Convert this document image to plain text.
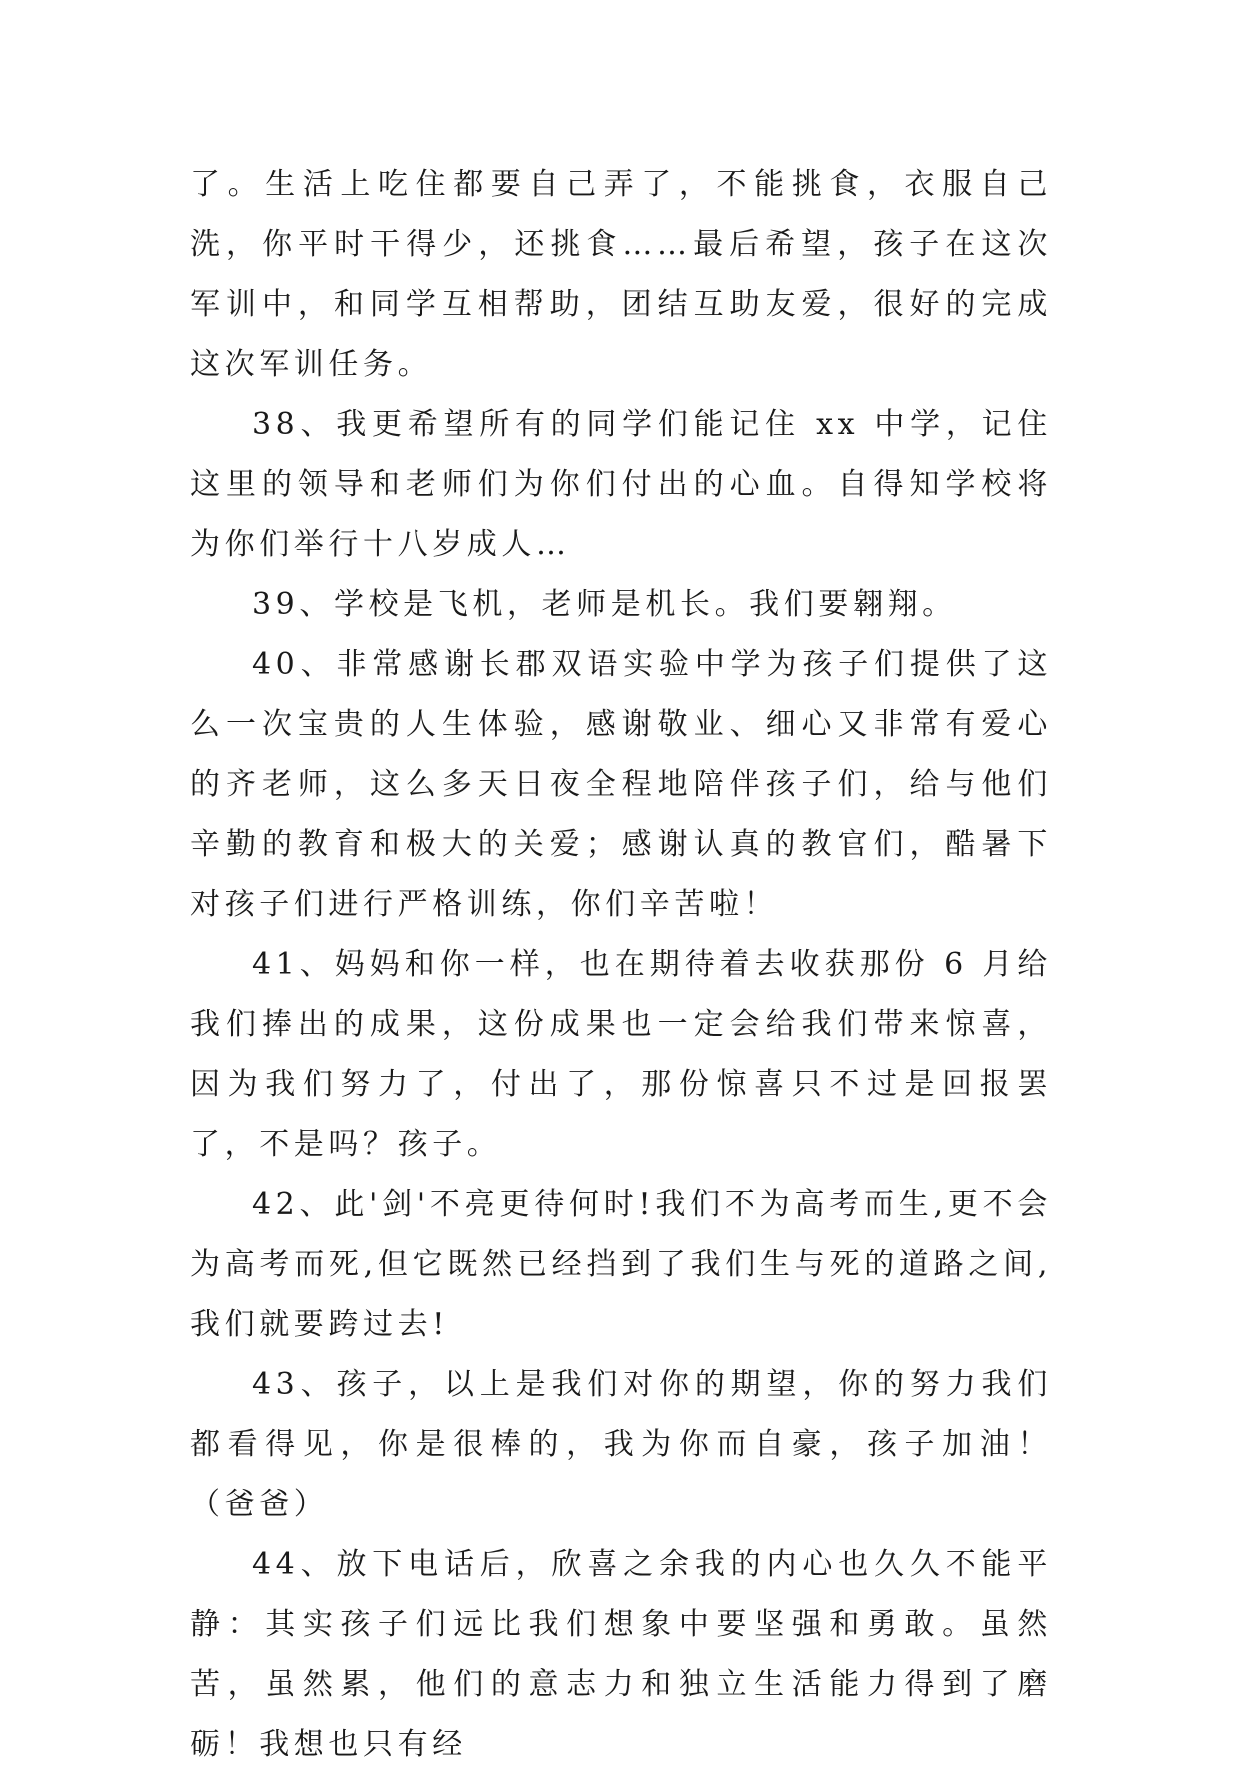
了。生活上吃住都要自己弄了，不能挑食，衣服自己洗，你平时干得少，还挑食……最后希望，孩子在这次军训中，和同学互相帮助，团结互助友爱，很好的完成这次军训任务。

38、我更希望所有的同学们能记住 xx 中学，记住这里的领导和老师们为你们付出的心血。自得知学校将为你们举行十八岁成人…

39、学校是飞机，老师是机长。我们要翱翔。

40、非常感谢长郡双语实验中学为孩子们提供了这么一次宝贵的人生体验，感谢敬业、细心又非常有爱心的齐老师，这么多天日夜全程地陪伴孩子们，给与他们辛勤的教育和极大的关爱；感谢认真的教官们，酷暑下对孩子们进行严格训练，你们辛苦啦！

41、妈妈和你一样，也在期待着去收获那份 6 月给我们捧出的成果，这份成果也一定会给我们带来惊喜，因为我们努力了，付出了，那份惊喜只不过是回报罢了，不是吗？孩子。

42、此'剑'不亮更待何时!我们不为高考而生,更不会为高考而死,但它既然已经挡到了我们生与死的道路之间,我们就要跨过去!

43、孩子，以上是我们对你的期望，你的努力我们都看得见，你是很棒的，我为你而自豪，孩子加油！（爸爸）

44、放下电话后，欣喜之余我的内心也久久不能平静：其实孩子们远比我们想象中要坚强和勇敢。虽然苦，虽然累，他们的意志力和独立生活能力得到了磨砺！我想也只有经
